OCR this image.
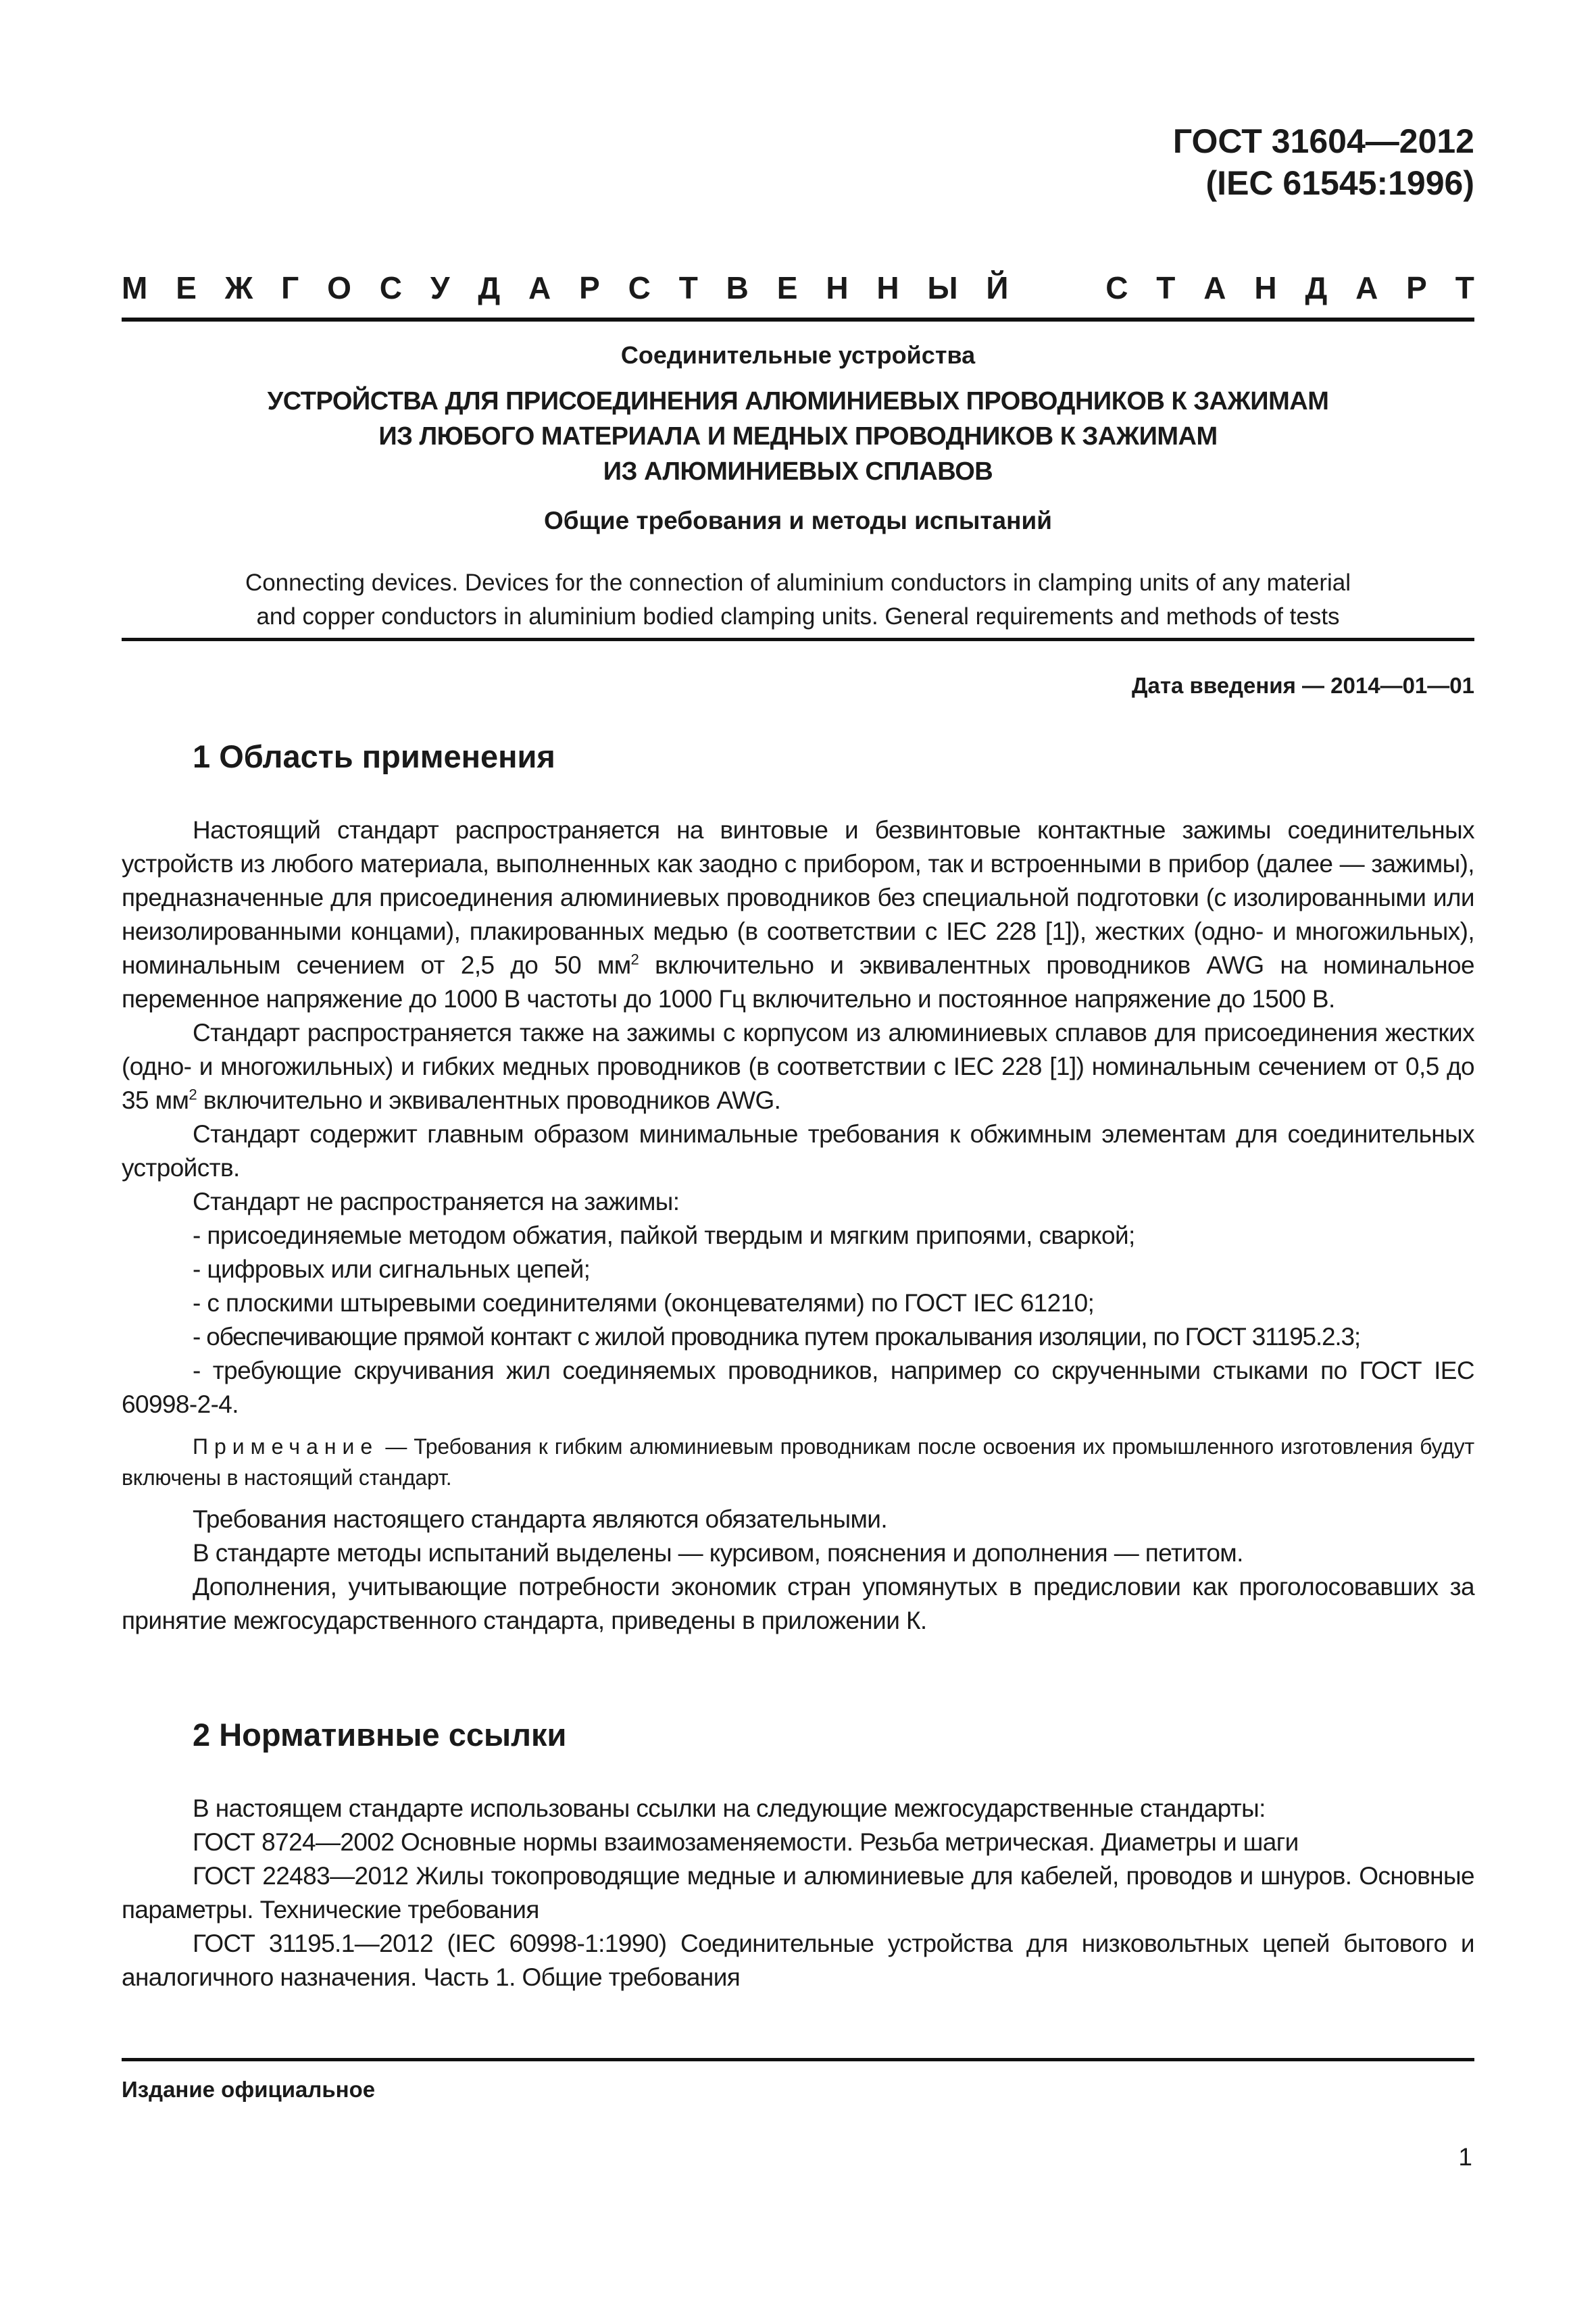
ГОСТ 31604—2012
(IEC 61545:1996)
М Е Ж Г О С У Д А Р С Т В Е Н Н Ы Й	С Т А Н Д А Р Т
Соединительные устройства
УСТРОЙСТВА ДЛЯ ПРИСОЕДИНЕНИЯ АЛЮМИНИЕВЫХ ПРОВОДНИКОВ К ЗАЖИМАМ
ИЗ ЛЮБОГО МАТЕРИАЛА И МЕДНЫХ ПРОВОДНИКОВ К ЗАЖИМАМ
ИЗ АЛЮМИНИЕВЫХ СПЛАВОВ
Общие требования и методы испытаний
Connecting devices. Devices for the connection of aluminium conductors in clamping units of any material
and copper conductors in aluminium bodied clamping units. General requirements and methods of tests
Дата введения — 2014—01—01
1 Область применения

Настоящий стандарт распространяется на винтовые и безвинтовые контактные зажимы соединительных устройств из любого материала, выполненных как заодно с прибором, так и встроенными в прибор (далее — зажимы), предназначенные для присоединения алюминиевых проводников без специальной подготовки (с изолированными или неизолированными концами), плакированных медью (в соответствии с IEC 228 [1]), жестких (одно- и многожильных), номинальным сечением от 2,5 до 50 $мм^2$ включительно и эквивалентных проводников AWG на номинальное переменное напряжение до 1000 В частоты до 1000 Гц включительно и постоянное напряжение до 1500 В.

Стандарт распространяется также на зажимы с корпусом из алюминиевых сплавов для присоединения жестких (одно- и многожильных) и гибких медных проводников (в соответствии с IEC 228 [1]) номинальным сечением от 0,5 до 35 $мм^2$ включительно и эквивалентных проводников AWG.

Стандарт содержит главным образом минимальные требования к обжимным элементам для соединительных устройств.

Стандарт не распространяется на зажимы:

- присоединяемые методом обжатия, пайкой твердым и мягким припоями, сваркой;

- цифровых или сигнальных цепей;

- с плоскими штыревыми соединителями (оконцевателями) по ГОСТ IEC 61210;

- обеспечивающие прямой контакт с жилой проводника путем прокалывания изоляции, по ГОСТ 31195.2.3;

- требующие скручивания жил соединяемых проводников, например со скрученными стыками по ГОСТ IEC 60998-2-4.

Примечание — Требования к гибким алюминиевым проводникам после освоения их промышленного изготовления будут включены в настоящий стандарт.

Требования настоящего стандарта являются обязательными.

В стандарте методы испытаний выделены — курсивом, пояснения и дополнения — петитом.

Дополнения, учитывающие потребности экономик стран упомянутых в предисловии как проголосовавших за принятие межгосударственного стандарта, приведены в приложении К.

2 Нормативные ссылки

В настоящем стандарте использованы ссылки на следующие межгосударственные стандарты:

ГОСТ 8724—2002 Основные нормы взаимозаменяемости. Резьба метрическая. Диаметры и шаги

ГОСТ 22483—2012 Жилы токопроводящие медные и алюминиевые для кабелей, проводов и шнуров. Основные параметры. Технические требования

ГОСТ 31195.1—2012 (IEC 60998-1:1990) Соединительные устройства для низковольтных цепей бытового и аналогичного назначения. Часть 1. Общие требования

Издание официальное
1
